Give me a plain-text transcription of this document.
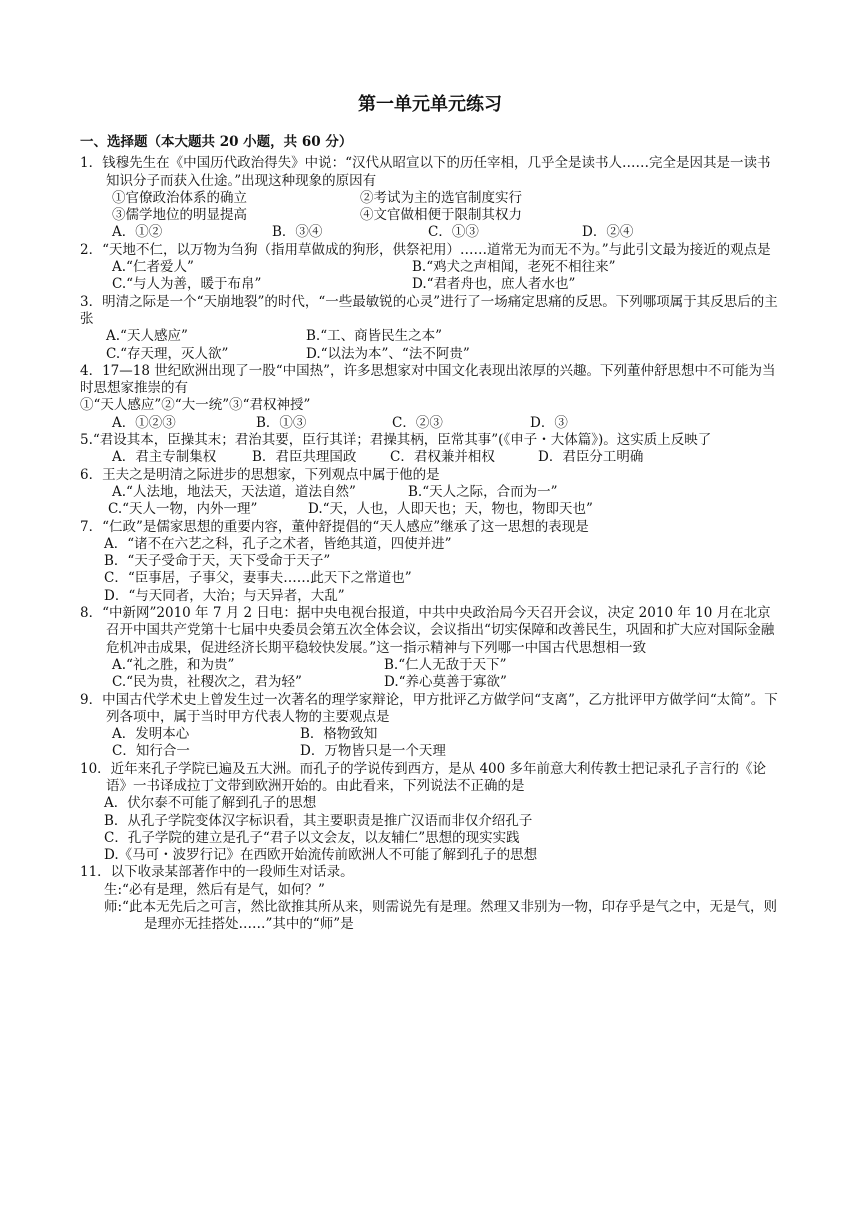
第一单元单元练习
一、选择题（本大题共 20 小题，共 60 分）

1．钱穆先生在《中国历代政治得失》中说：“汉代从昭宣以下的历任宰相，几乎全是读书人……完全是因其是一读书知识分子而获入仕途。”出现这种现象的原因有

①官僚政治体系的确立	②考试为主的选官制度实行
③儒学地位的明显提高	④文官做相便于限制其权力
A．①②	B．③④	C．①③	D．②④

2．“天地不仁，以万物为刍狗（指用草做成的狗形，供祭祀用）……道常无为而无不为。”与此引文最为接近的观点是

A.“仁者爱人”	B.“鸡犬之声相闻，老死不相往来”
C.“与人为善，暖于布帛”	D.“君者舟也，庶人者水也”

3．明清之际是一个“天崩地裂”的时代，“一些最敏锐的心灵”进行了一场痛定思痛的反思。下列哪项属于其反思后的主张

A.“天人感应”	B.“工、商皆民生之本”
C.“存天理，灭人欲”	D.“以法为本”、“法不阿贵”

4．17—18 世纪欧洲出现了一股“中国热”，许多思想家对中国文化表现出浓厚的兴趣。下列董仲舒思想中不可能为当时思想家推崇的有

①“天人感应”②“大一统”③“君权神授”

A．①②③	B．①③	C．②③	D．③

5.“君设其本，臣操其末；君治其要，臣行其详；君操其柄，臣常其事”(《申子・大体篇》)。这实质上反映了

A．君主专制集权	B．君臣共理国政	C．君权兼并相权	D．君臣分工明确

6．王夫之是明清之际进步的思想家，下列观点中属于他的是

A.“人法地，地法天，天法道，道法自然”	B.“天人之际，合而为一”
C.“天人一物，内外一理”	D.“天，人也，人即天也；天，物也，物即天也”

7．“仁政”是儒家思想的重要内容，董仲舒提倡的“天人感应”继承了这一思想的表现是

A．“诸不在六艺之科，孔子之术者，皆绝其道，四使并进”

B．“天子受命于天，天下受命于天子”

C．“臣事居，子事父，妻事夫……此天下之常道也”

D．“与天同者，大治；与天异者，大乱”

8．“中新网”2010 年 7 月 2 日电：据中央电视台报道，中共中央政治局今天召开会议，决定 2010 年 10 月在北京召开中国共产党第十七届中央委员会第五次全体会议，会议指出“切实保障和改善民生，巩固和扩大应对国际金融危机冲击成果，促进经济长期平稳较快发展。”这一指示精神与下列哪一中国古代思想相一致

A.“礼之胜，和为贵”	B.“仁人无敌于天下”
C.“民为贵，社稷次之，君为轻”	D.“养心莫善于寡欲”

9．中国古代学术史上曾发生过一次著名的理学家辩论，甲方批评乙方做学问“支离”，乙方批评甲方做学问“太简”。下列各项中，属于当时甲方代表人物的主要观点是

A．发明本心	B．格物致知
C．知行合一	D．万物皆只是一个天理

10．近年来孔子学院已遍及五大洲。而孔子的学说传到西方，是从 400 多年前意大利传教士把记录孔子言行的《论语》一书译成拉丁文带到欧洲开始的。由此看来，下列说法不正确的是

A．伏尔泰不可能了解到孔子的思想

B．从孔子学院变体汉字标识看，其主要职责是推广汉语而非仅介绍孔子

C．孔子学院的建立是孔子“君子以文会友，以友辅仁”思想的现实实践

D.《马可・波罗行记》在西欧开始流传前欧洲人不可能了解到孔子的思想

11．以下收录某部著作中的一段师生对话录。

生:“必有是理，然后有是气，如何？”

师:“此本无先后之可言，然比欲推其所从来，则需说先有是理。然理又非别为一物，印存乎是气之中，无是气，则是理亦无挂搭处……”其中的“师”是
